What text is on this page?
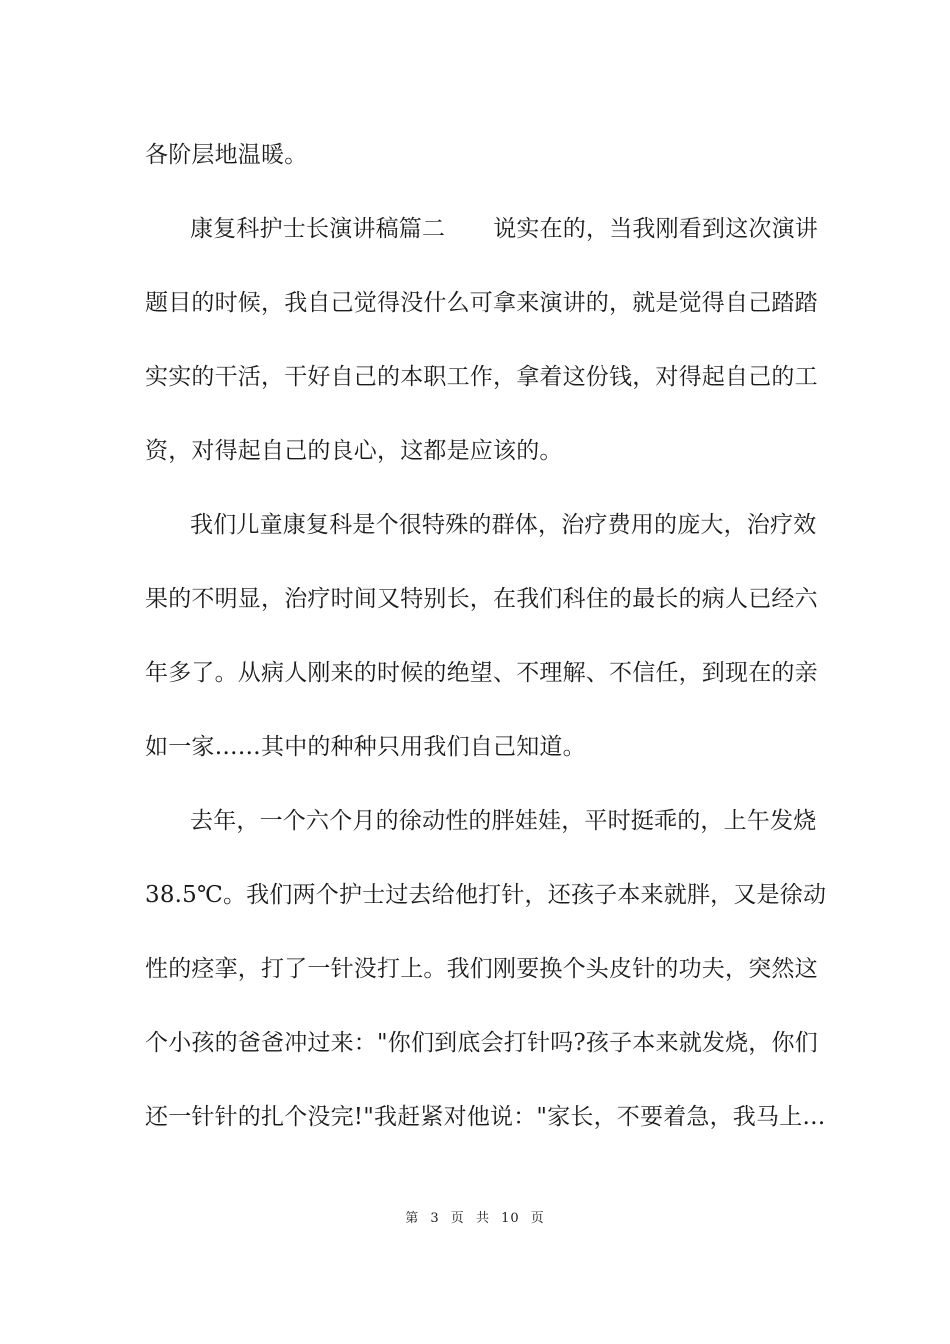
各阶层地温暖。
康复科护士长演讲稿篇二 说实在的，当我刚看到这次演讲
题目的时候，我自己觉得没什么可拿来演讲的，就是觉得自己踏踏
实实的干活，干好自己的本职工作，拿着这份钱，对得起自己的工
资，对得起自己的良心，这都是应该的。
我们儿童康复科是个很特殊的群体，治疗费用的庞大，治疗效
果的不明显，治疗时间又特别长，在我们科住的最长的病人已经六
年多了。从病人刚来的时候的绝望、不理解、不信任，到现在的亲
如一家……其中的种种只用我们自己知道。
去年，一个六个月的徐动性的胖娃娃，平时挺乖的，上午发烧
38.5℃。我们两个护士过去给他打针，还孩子本来就胖，又是徐动
性的痉挛，打了一针没打上。我们刚要换个头皮针的功夫，突然这
个小孩的爸爸冲过来："你们到底会打针吗?孩子本来就发烧，你们
还一针针的扎个没完!"我赶紧对他说："家长，不要着急，我马上…
第 3 页 共 10 页
